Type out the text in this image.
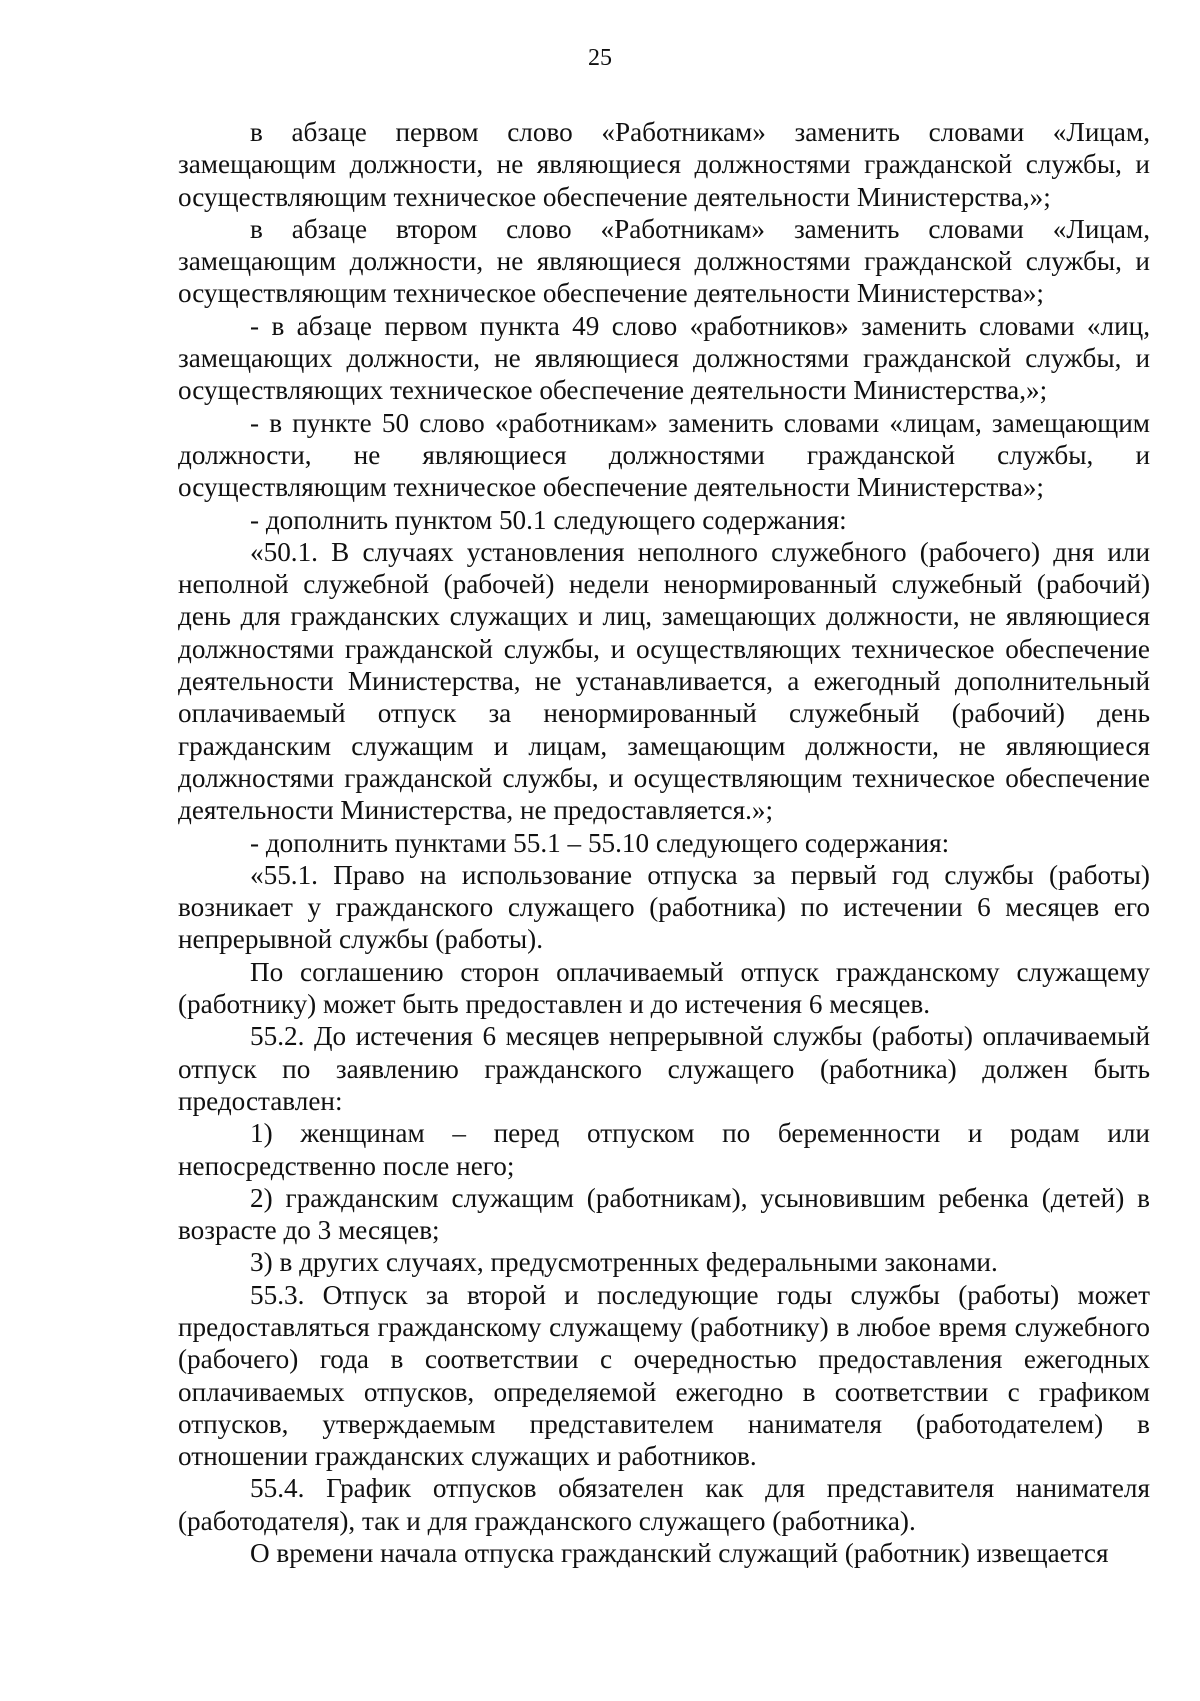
25

в абзаце первом слово «Работникам» заменить словами «Лицам, замещающим должности, не являющиеся должностями гражданской службы, и осуществляющим техническое обеспечение деятельности Министерства,»;

в абзаце втором слово «Работникам» заменить словами «Лицам, замещающим должности, не являющиеся должностями гражданской службы, и осуществляющим техническое обеспечение деятельности Министерства»;

- в абзаце первом пункта 49 слово «работников» заменить словами «лиц, замещающих должности, не являющиеся должностями гражданской службы, и осуществляющих техническое обеспечение деятельности Министерства,»;

- в пункте 50 слово «работникам» заменить словами «лицам, замещающим должности, не являющиеся должностями гражданской службы, и осуществляющим техническое обеспечение деятельности Министерства»;

- дополнить пунктом 50.1 следующего содержания:

«50.1. В случаях установления неполного служебного (рабочего) дня или неполной служебной (рабочей) недели ненормированный служебный (рабочий) день для гражданских служащих и лиц, замещающих должности, не являющиеся должностями гражданской службы, и осуществляющих техническое обеспечение деятельности Министерства, не устанавливается, а ежегодный дополнительный оплачиваемый отпуск за ненормированный служебный (рабочий) день гражданским служащим и лицам, замещающим должности, не являющиеся должностями гражданской службы, и осуществляющим техническое обеспечение деятельности Министерства, не предоставляется.»;

- дополнить пунктами 55.1 – 55.10 следующего содержания:

«55.1. Право на использование отпуска за первый год службы (работы) возникает у гражданского служащего (работника) по истечении 6 месяцев его непрерывной службы (работы).

По соглашению сторон оплачиваемый отпуск гражданскому служащему (работнику) может быть предоставлен и до истечения 6 месяцев.

55.2. До истечения 6 месяцев непрерывной службы (работы) оплачиваемый отпуск по заявлению гражданского служащего (работника) должен быть предоставлен:

1) женщинам – перед отпуском по беременности и родам или непосредственно после него;

2) гражданским служащим (работникам), усыновившим ребенка (детей) в возрасте до 3 месяцев;

3) в других случаях, предусмотренных федеральными законами.

55.3. Отпуск за второй и последующие годы службы (работы) может предоставляться гражданскому служащему (работнику) в любое время служебного (рабочего) года в соответствии с очередностью предоставления ежегодных оплачиваемых отпусков, определяемой ежегодно в соответствии с графиком отпусков, утверждаемым представителем нанимателя (работодателем) в отношении гражданских служащих и работников.

55.4. График отпусков обязателен как для представителя нанимателя (работодателя), так и для гражданского служащего (работника).

О времени начала отпуска гражданский служащий (работник) извещается
